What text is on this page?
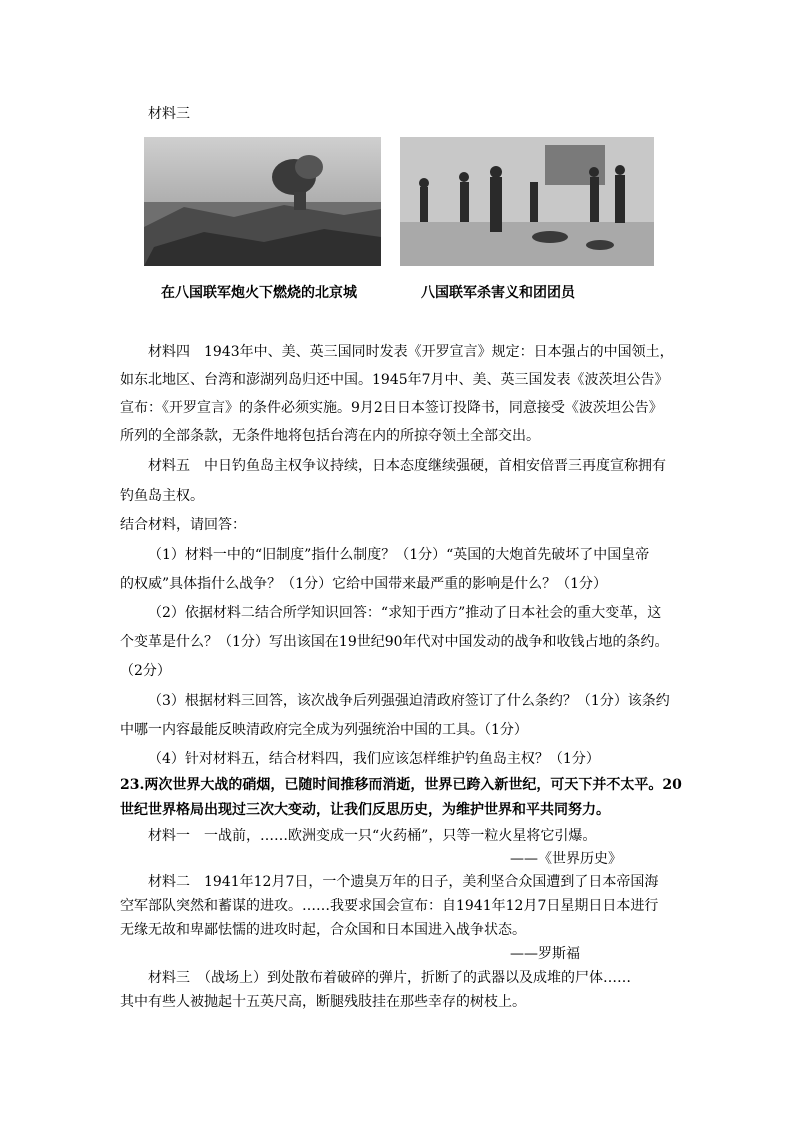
材料三
在八国联军炮火下燃烧的北京城	八国联军杀害义和团团员
材料四　1943年中、美、英三国同时发表《开罗宣言》规定：日本强占的中国领土，
如东北地区、台湾和澎湖列岛归还中国。1945年7月中、美、英三国发表《波茨坦公告》
宣布：《开罗宣言》的条件必须实施。9月2日日本签订投降书，同意接受《波茨坦公告》
所列的全部条款，无条件地将包括台湾在内的所掠夺领土全部交出。
材料五　中日钓鱼岛主权争议持续，日本态度继续强硬，首相安倍晋三再度宣称拥有
钓鱼岛主权。
结合材料，请回答：
（1）材料一中的“旧制度”指什么制度？（1分）“英国的大炮首先破坏了中国皇帝
的权威”具体指什么战争？（1分）它给中国带来最严重的影响是什么？（1分）
（2）依据材料二结合所学知识回答：“求知于西方”推动了日本社会的重大变革，这
个变革是什么？（1分）写出该国在19世纪90年代对中国发动的战争和收钱占地的条约。
（2分）
（3）根据材料三回答，该次战争后列强强迫清政府签订了什么条约？（1分）该条约
中哪一内容最能反映清政府完全成为列强统治中国的工具。（1分）
（4）针对材料五，结合材料四，我们应该怎样维护钓鱼岛主权？（1分）
23.两次世界大战的硝烟，已随时间推移而消逝，世界已跨入新世纪，可天下并不太平。20
世纪世界格局出现过三次大变动，让我们反思历史，为维护世界和平共同努力。
材料一　一战前，……欧洲变成一只“火药桶”，只等一粒火星将它引爆。
——《世界历史》
材料二　1941年12月7日，一个遗臭万年的日子，美利坚合众国遭到了日本帝国海
空军部队突然和蓄谋的进攻。……我要求国会宣布：自1941年12月7日星期日日本进行
无缘无故和卑鄙怯懦的进攻时起，合众国和日本国进入战争状态。
——罗斯福
材料三　（战场上）到处散布着破碎的弹片，折断了的武器以及成堆的尸体……
其中有些人被抛起十五英尺高，断腿残肢挂在那些幸存的树枝上。
